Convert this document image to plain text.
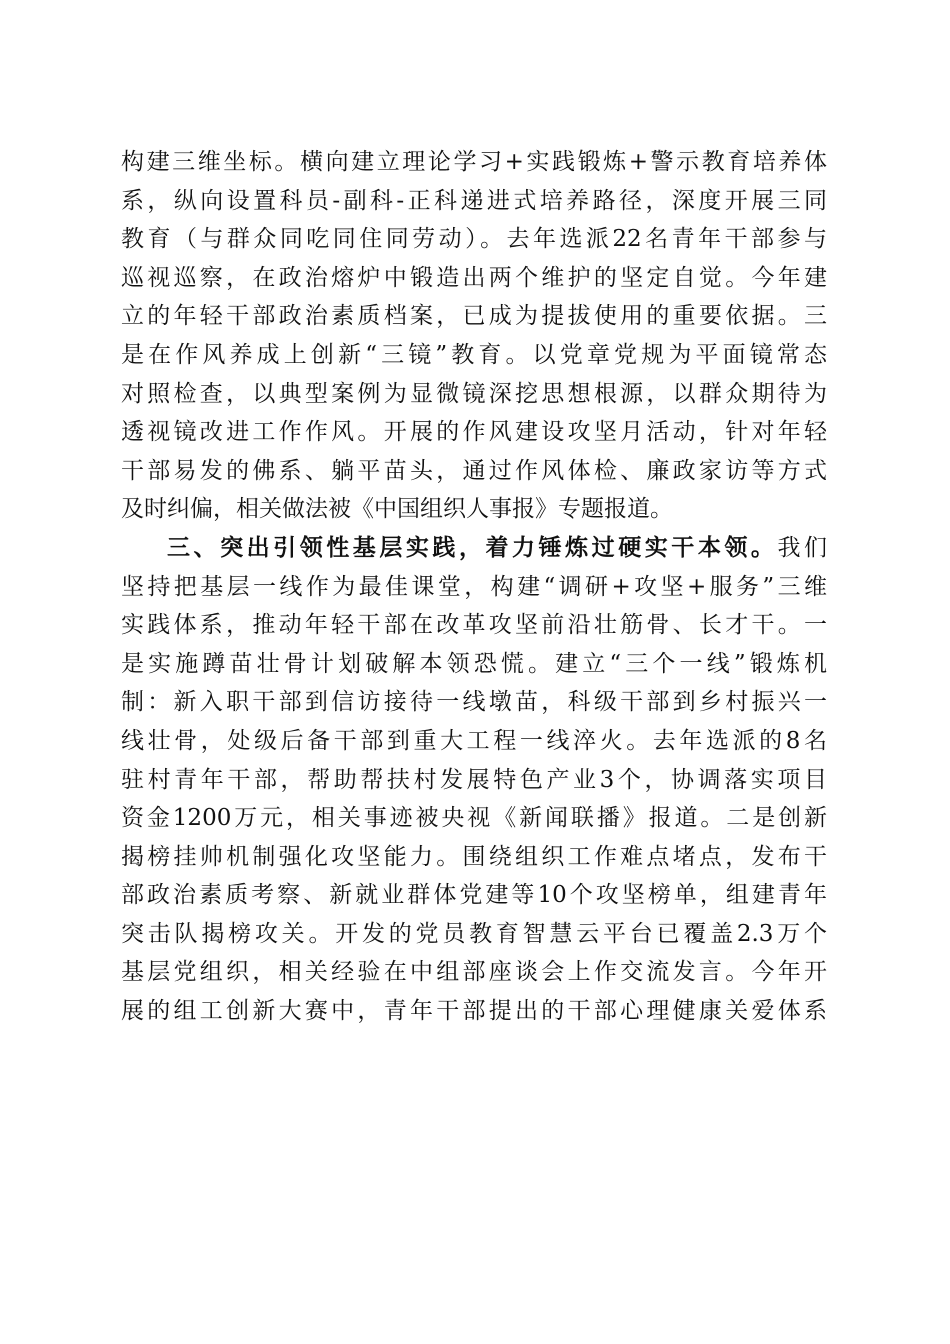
构建三维坐标。横向建立理论学习+实践锻炼+警示教育培养体
系，纵向设置科员-副科-正科递进式培养路径，深度开展三同
教育（与群众同吃同住同劳动）。去年选派22名青年干部参与
巡视巡察，在政治熔炉中锻造出两个维护的坚定自觉。今年建
立的年轻干部政治素质档案，已成为提拔使用的重要依据。三
是在作风养成上创新“三镜”教育。以党章党规为平面镜常态
对照检查，以典型案例为显微镜深挖思想根源，以群众期待为
透视镜改进工作作风。开展的作风建设攻坚月活动，针对年轻
干部易发的佛系、躺平苗头，通过作风体检、廉政家访等方式
及时纠偏，相关做法被《中国组织人事报》专题报道。
三、突出引领性基层实践，着力锤炼过硬实干本领。我们
坚持把基层一线作为最佳课堂，构建“调研+攻坚+服务”三维
实践体系，推动年轻干部在改革攻坚前沿壮筋骨、长才干。一
是实施蹲苗壮骨计划破解本领恐慌。建立“三个一线”锻炼机
制：新入职干部到信访接待一线墩苗，科级干部到乡村振兴一
线壮骨，处级后备干部到重大工程一线淬火。去年选派的8名
驻村青年干部，帮助帮扶村发展特色产业3个，协调落实项目
资金1200万元，相关事迹被央视《新闻联播》报道。二是创新
揭榜挂帅机制强化攻坚能力。围绕组织工作难点堵点，发布干
部政治素质考察、新就业群体党建等10个攻坚榜单，组建青年
突击队揭榜攻关。开发的党员教育智慧云平台已覆盖2.3万个
基层党组织，相关经验在中组部座谈会上作交流发言。今年开
展的组工创新大赛中，青年干部提出的干部心理健康关爱体系
